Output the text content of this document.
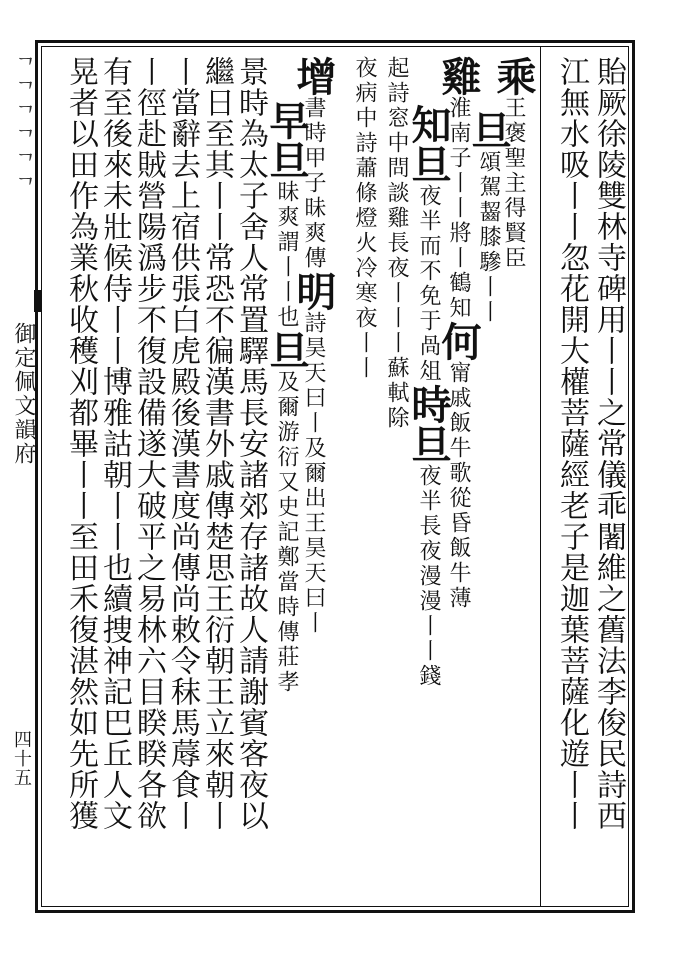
ᄀᄀᄀᄀᄀᄀ
御定佩文韻府
四十五	貽厥徐陵雙林寺碑用丨丨之常儀乖闍維之舊法李俊民詩西
江無水吸丨丨忽花開大權菩薩經老子是迦葉菩薩化遊丨丨
乘王褒聖主得賢臣
旦頌駕齧膝驂丨丨
雞淮南子丨丨將丨鶴知何甯戚飯牛歌從昏飯牛薄
知旦夜半而不免于咼俎時旦夜半長夜漫漫丨丨錢
起詩窓中問談雞長夜丨丨丨蘇軾除
夜病中詩蕭條燈火冷寒夜丨丨
增書時甲子昧爽傳明詩昊天曰丨及爾出王昊天曰丨
早旦昧爽謂丨丨也旦及爾游衍又史記鄭當時傳莊孝
景時為太子舍人常置驛馬長安諸郊存諸故人請謝賓客夜以
繼日至其丨丨常恐不徧漢書外戚傳楚思王衍朝王立來朝丨
丨當辭去上宿供張白虎殿後漢書度尚傳尚敕令秣馬蓐食丨
丨徑赴賊營陽潙步不復設備遂大破平之易林六目睽睽各欲
有至後來未壯候侍丨丨博雅詁朝丨丨也續捜神記巴丘人文
晃者以田作為業秋收穫刈都畢丨丨至田禾復湛然如先所獲
